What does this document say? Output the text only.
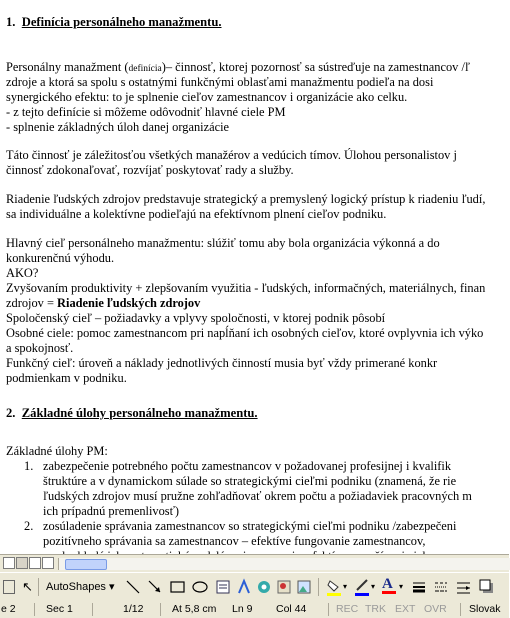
1. Definícia personálneho manažmentu.
Personálny manažment (definícia)– činnosť, ktorej pozornosť sa sústreďuje na zamestnancov /ľ
zdroje a ktorá sa spolu s ostatnými funkčnými oblasťami manažmentu podieľa na dosi
synergického efektu: to je splnenie cieľov zamestnancov i organizácie ako celku.
- z tejto definície si môžeme odôvodniť hlavné ciele PM
- splnenie základných úloh danej organizácie
Táto činnosť je záležitosťou všetkých manažérov a vedúcich tímov. Úlohou personalistov j
činnosť zdokonaľovať, rozvíjať poskytovať rady a služby.
Riadenie ľudských zdrojov predstavuje strategický a premyslený logický prístup k riadeniu ľudí,
sa individuálne a kolektívne podieľajú na efektívnom plnení cieľov podniku.
Hlavný cieľ personálneho manažmentu: slúžiť tomu aby bola organizácia výkonná a do
konkurenčnú výhodu.
AKO?
Zvyšovaním produktivity + zlepšovaním využitia - ľudských, informačných, materiálnych, finan
zdrojov = Riadenie ľudských zdrojov
Spoločenský cieľ – požiadavky a vplyvy spoločnosti, v ktorej podnik pôsobí
Osobné ciele: pomoc zamestnancom pri napĺňaní ich osobných cieľov, ktoré ovplyvnia ich výko
a spokojnosť.
Funkčný cieľ: úroveň a náklady jednotlivých činností musia byť vždy primerané konkr
podmienkam v podniku.
2. Základné úlohy personálneho manažmentu.
Základné úlohy PM:
1. zabezpečenie potrebného počtu zamestnancov v požadovanej profesijnej i kvalifik
štruktúre a v dynamickom súlade so strategickými cieľmi podniku (znamená, že rie
ľudských zdrojov musí pružne zohľadňovať okrem počtu a požiadaviek pracovných m
ich prípadnú premenlivosť)
2. zosúladenie správania zamestnancov so strategickými cieľmi podniku /zabezpečeni
pozitívneho správania sa zamestnancov – efektíve fungovanie zamestnancov,
↖ AutoShapes ▾	▾	▾ A ▾
e 2	Sec 1	1/12	At 5,8 cm Ln 9 Col 44	REC TRK EXT OVR Slovak
